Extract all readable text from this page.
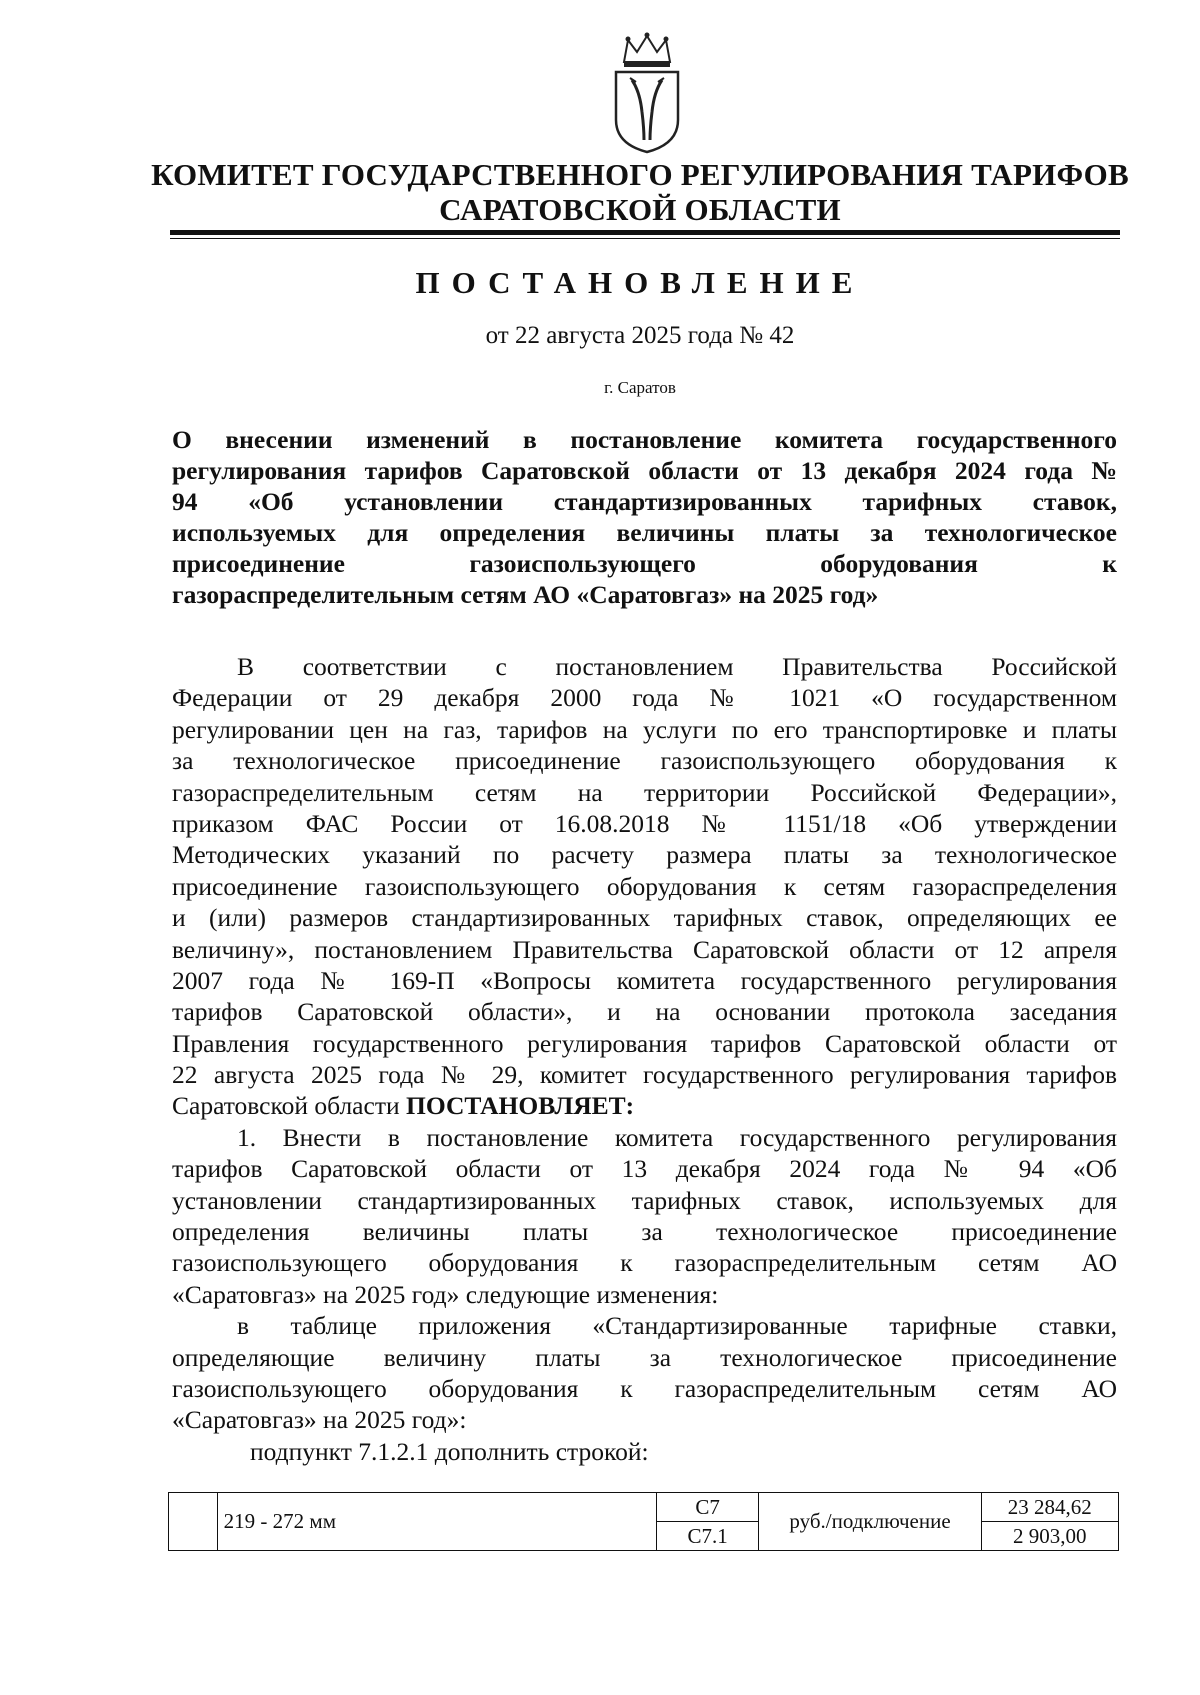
КОМИТЕТ ГОСУДАРСТВЕННОГО РЕГУЛИРОВАНИЯ ТАРИФОВ
САРАТОВСКОЙ ОБЛАСТИ
ПОСТАНОВЛЕНИЕ
от 22 августа 2025 года № 42
г. Саратов
О внесении изменений в постановление комитета государственного
регулирования тарифов Саратовской области от 13 декабря 2024 года №
94 «Об установлении стандартизированных тарифных ставок,
используемых для определения величины платы за технологическое
присоединение газоиспользующего оборудования к
газораспределительным сетям АО «Саратовгаз» на 2025 год»
В соответствии с постановлением Правительства Российской
Федерации от 29 декабря 2000 года № 1021 «О государственном
регулировании цен на газ, тарифов на услуги по его транспортировке и платы
за технологическое присоединение газоиспользующего оборудования к
газораспределительным сетям на территории Российской Федерации»,
приказом ФАС России от 16.08.2018 № 1151/18 «Об утверждении
Методических указаний по расчету размера платы за технологическое
присоединение газоиспользующего оборудования к сетям газораспределения
и (или) размеров стандартизированных тарифных ставок, определяющих ее
величину», постановлением Правительства Саратовской области от 12 апреля
2007 года № 169-П «Вопросы комитета государственного регулирования
тарифов Саратовской области», и на основании протокола заседания
Правления государственного регулирования тарифов Саратовской области от
22 августа 2025 года № 29, комитет государственного регулирования тарифов
Саратовской области ПОСТАНОВЛЯЕТ:
1. Внести в постановление комитета государственного регулирования
тарифов Саратовской области от 13 декабря 2024 года № 94 «Об
установлении стандартизированных тарифных ставок, используемых для
определения величины платы за технологическое присоединение
газоиспользующего оборудования к газораспределительным сетям АО
«Саратовгаз» на 2025 год» следующие изменения:
в таблице приложения «Стандартизированные тарифные ставки,
определяющие величину платы за технологическое присоединение
газоиспользующего оборудования к газораспределительным сетям АО
«Саратовгаз» на 2025 год»:
подпункт 7.1.2.1 дополнить строкой:
	219 - 272 мм	С7	руб./подключение	23 284,62
		С7.1		2 903,00
